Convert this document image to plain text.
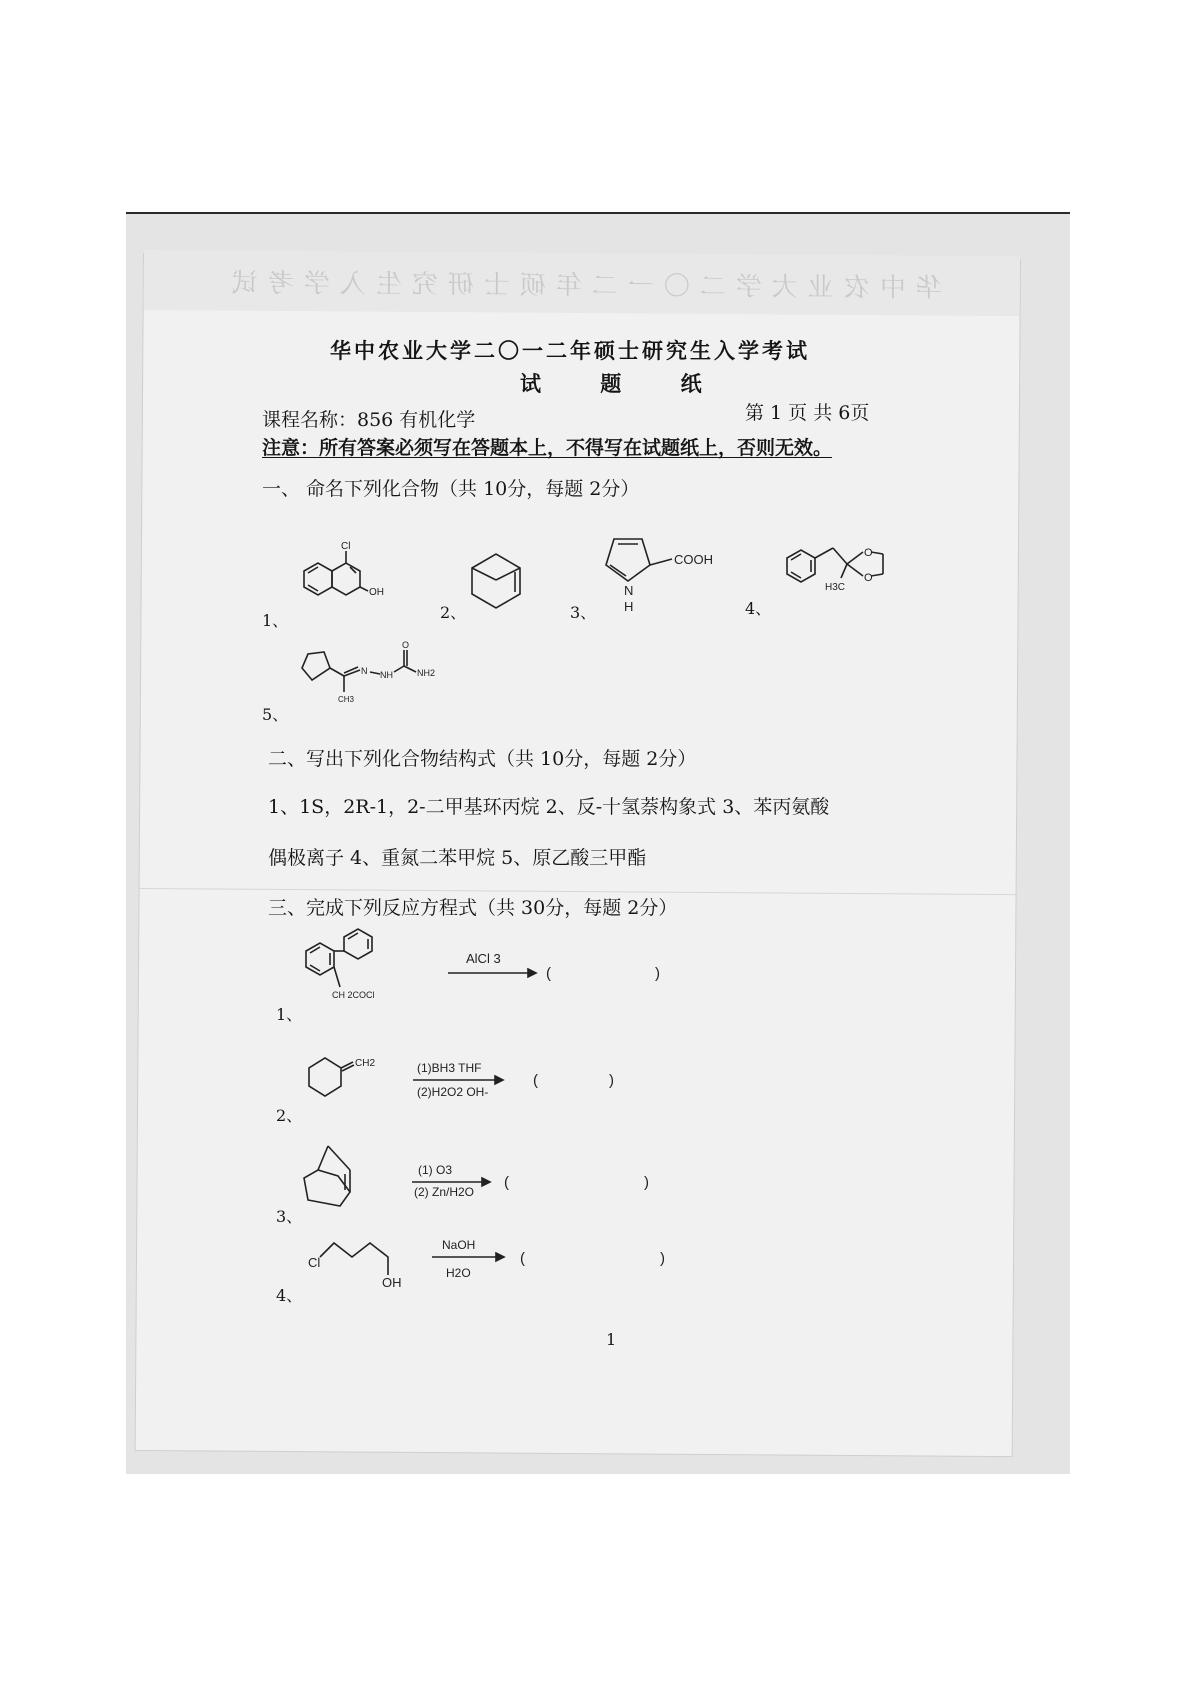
华中农业大学二〇一二年硕士研究生入学考试
华中农业大学二〇一二年硕士研究生入学考试
试 题 纸
课程名称：856 有机化学	第 1 页 共 6页
注意：所有答案必须写在答题本上，不得写在试题纸上，否则无效。
一、 命名下列化合物（共 10分，每题 2分）
1、
Cl
OH
2、	3、
COOH
N
H	4、
O
O
H3C
5、
N NH
O
NH2
CH3
二、写出下列化合物结构式（共 10分，每题 2分）
1、1S，2R-1，2-二甲基环丙烷 2、反-十氢萘构象式 3、苯丙氨酸
偶极离子 4、重氮二苯甲烷 5、原乙酸三甲酯
三、完成下列反应方程式（共 30分，每题 2分）
1、
CH 2COCl
AlCl 3
(	)
2、
CH2	(1)BH3 THF
(2)H2O2 OH-
(	)
3、
(1) O3
(2) Zn/H2O
(	)
4、
Cl
OH
NaOH
H2O
(	)
1
